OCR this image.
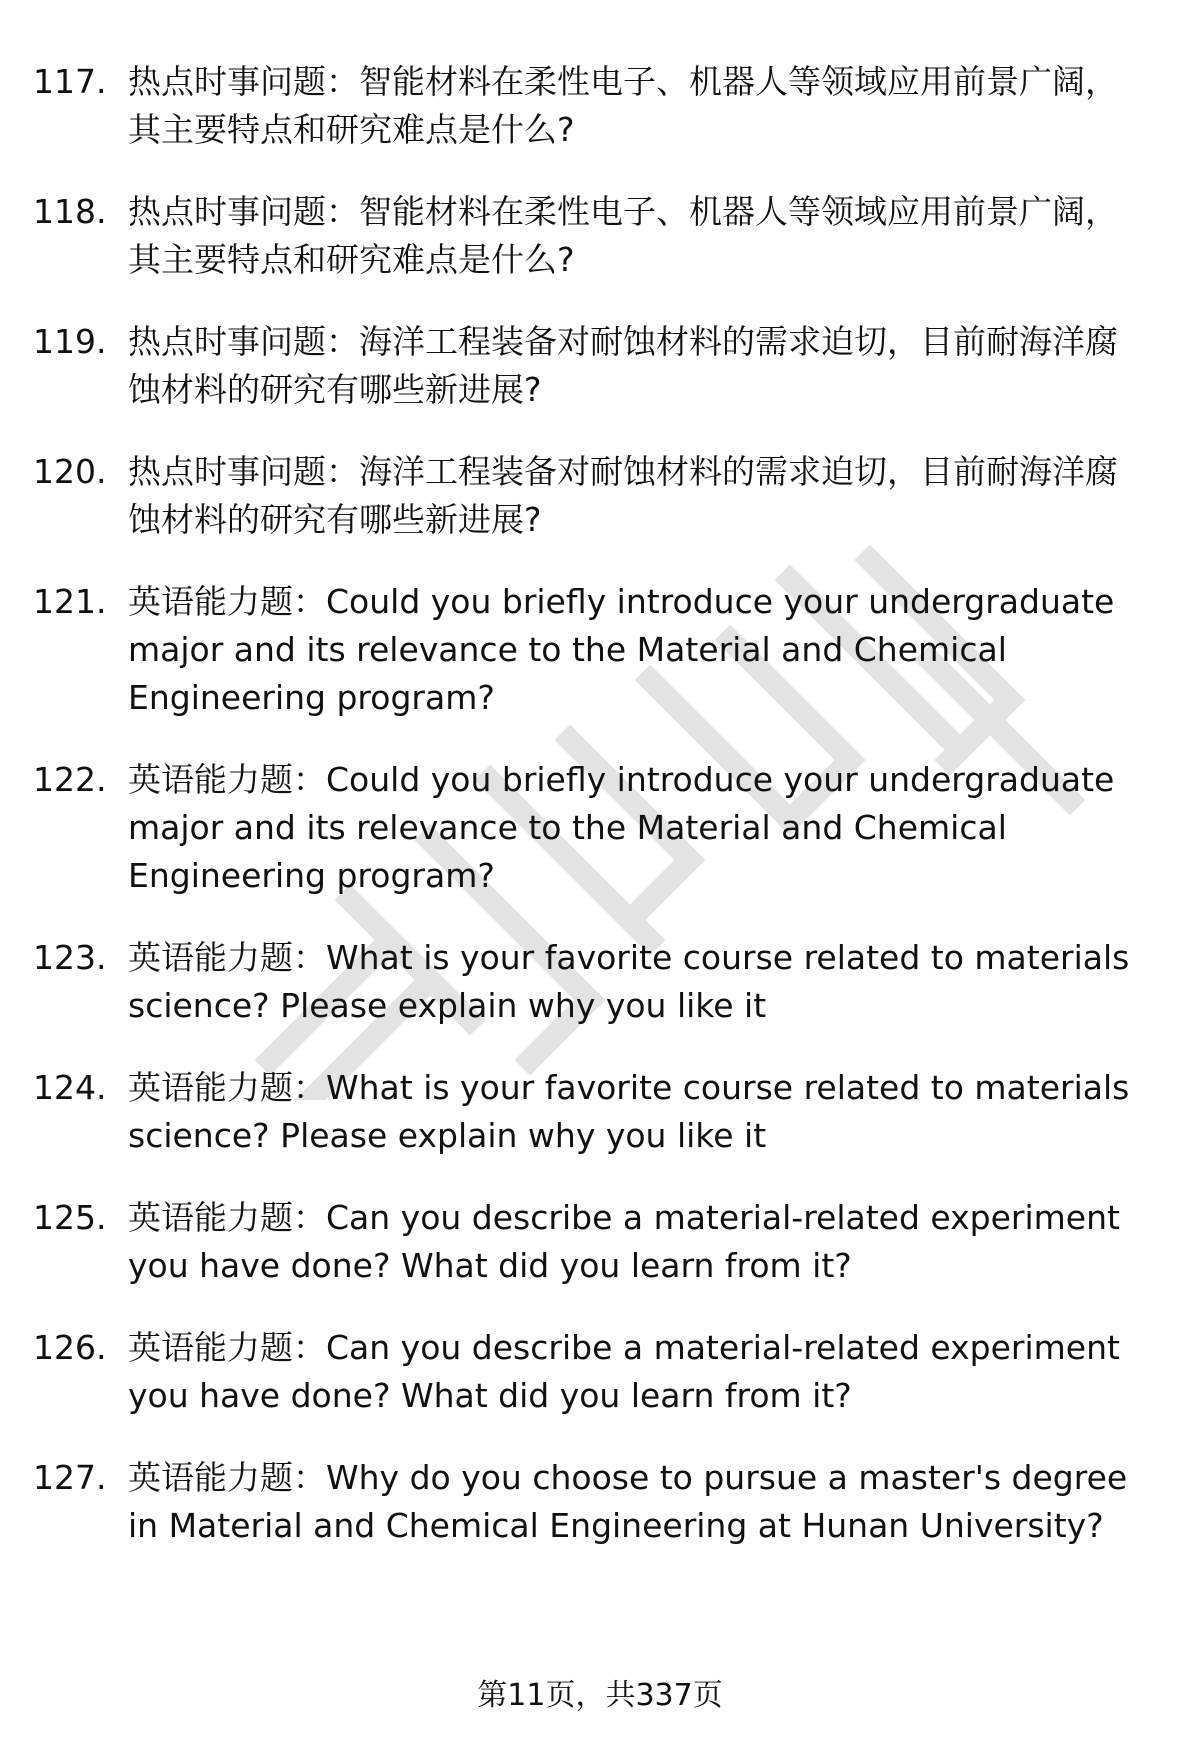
117. 热点时事问题：智能材料在柔性电子、机器人等领域应用前景广阔，其主要特点和研究难点是什么?
118. 热点时事问题：智能材料在柔性电子、机器人等领域应用前景广阔，其主要特点和研究难点是什么?
119. 热点时事问题：海洋工程装备对耐蚀材料的需求迫切，目前耐海洋腐蚀材料的研究有哪些新进展?
120. 热点时事问题：海洋工程装备对耐蚀材料的需求迫切，目前耐海洋腐蚀材料的研究有哪些新进展?
121. 英语能力题：Could you briefly introduce your undergraduate major and its relevance to the Material and Chemical Engineering program?
122. 英语能力题：Could you briefly introduce your undergraduate major and its relevance to the Material and Chemical Engineering program?
123. 英语能力题：What is your favorite course related to materials science? Please explain why you like it
124. 英语能力题：What is your favorite course related to materials science? Please explain why you like it
125. 英语能力题：Can you describe a material-related experiment you have done? What did you learn from it?
126. 英语能力题：Can you describe a material-related experiment you have done? What did you learn from it?
127. 英语能力题：Why do you choose to pursue a master's degree in Material and Chemical Engineering at Hunan University?
第11页，共337页
